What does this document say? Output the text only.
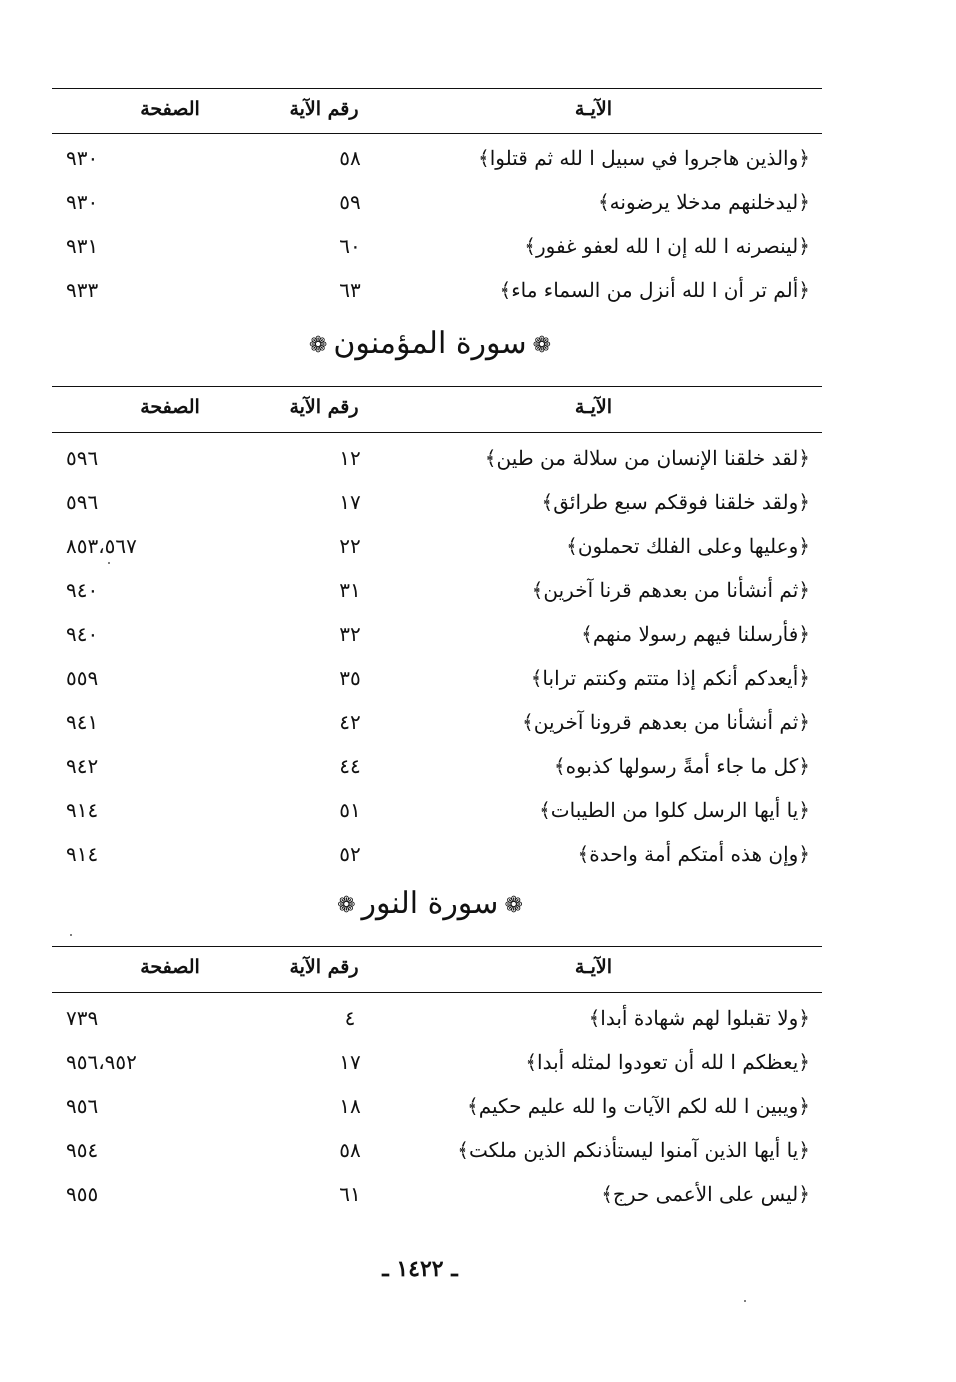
الآيـة
رقم الآية
الصفحة
﴿والذين هاجروا في سبيل ا لله ثم قتلوا﴾
٥٨
٩٣٠
﴿ليدخلنهم مدخلا يرضونه﴾
٥٩
٩٣٠
﴿لينصرنه ا لله إن ا لله لعفو غفور﴾
٦٠
٩٣١
﴿ألم تر أن ا لله أنزل من السماء ماء﴾
٦٣
٩٣٣
❁سورة المؤمنون❁
الآيـة
رقم الآية
الصفحة
﴿لقد خلقنا الإنسان من سلالة من طين﴾
١٢
٥٩٦
﴿ولقد خلقنا فوقكم سبع طرائق﴾
١٧
٥٩٦
﴿وعليها وعلى الفلك تحملون﴾
٢٢
٨٥٣،٥٦٧
﴿ثم أنشأنا من بعدهم قرنا آخرين﴾
٣١
٩٤٠
﴿فأرسلنا فيهم رسولا منهم﴾
٣٢
٩٤٠
﴿أيعدكم أنكم إذا متتم وكنتم ترابا﴾
٣٥
٥٥٩
﴿ثم أنشأنا من بعدهم قرونا آخرين﴾
٤٢
٩٤١
﴿كل ما جاء أمةً رسولها كذبوه﴾
٤٤
٩٤٢
﴿يا أيها الرسل كلوا من الطيبات﴾
٥١
٩١٤
﴿وإن هذه أمتكم أمة واحدة﴾
٥٢
٩١٤
❁سورة النور❁
الآيـة
رقم الآية
الصفحة
﴿ولا تقبلوا لهم شهادة أبدا﴾
٤
٧٣٩
﴿يعظكم ا لله أن تعودوا لمثله أبدا﴾
١٧
٩٥٦،٩٥٢
﴿ويبين ا لله لكم الآيات وا لله عليم حكيم﴾
١٨
٩٥٦
﴿يا أيها الذين آمنوا ليستأذنكم الذين ملكت﴾
٥٨
٩٥٤
﴿ليس على الأعمى حرج﴾
٦١
٩٥٥
ـ ١٤٢٢ ـ
